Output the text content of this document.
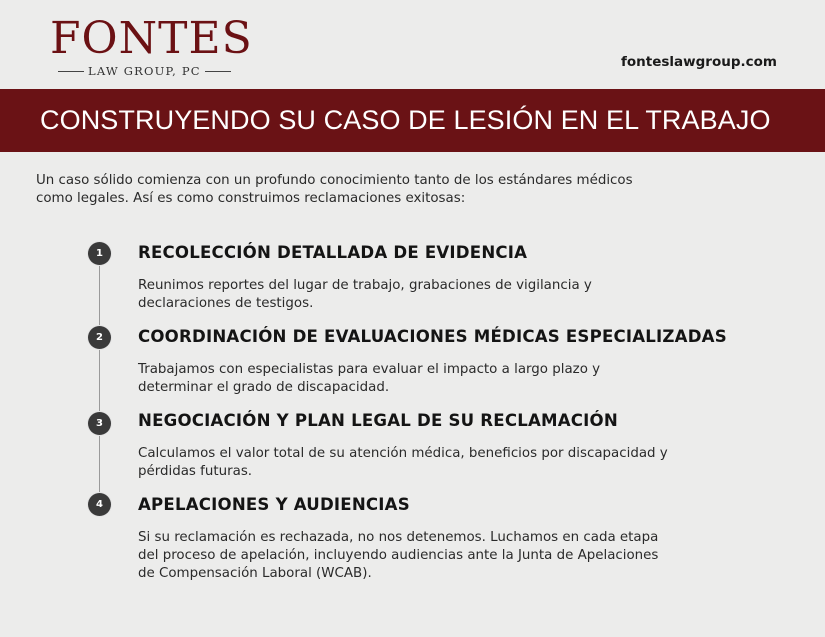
FONTES
LAW GROUP, PC
fonteslawgroup.com
CONSTRUYENDO SU CASO DE LESIÓN EN EL TRABAJO
Un caso sólido comienza con un profundo conocimiento tanto de los estándares médicos como legales. Así es como construimos reclamaciones exitosas:
1	RECOLECCIÓN DETALLADA DE EVIDENCIA
Reunimos reportes del lugar de trabajo, grabaciones de vigilancia y declaraciones de testigos.
2	COORDINACIÓN DE EVALUACIONES MÉDICAS ESPECIALIZADAS
Trabajamos con especialistas para evaluar el impacto a largo plazo y determinar el grado de discapacidad.
3	NEGOCIACIÓN Y PLAN LEGAL DE SU RECLAMACIÓN
Calculamos el valor total de su atención médica, beneficios por discapacidad y pérdidas futuras.
4	APELACIONES Y AUDIENCIAS
Si su reclamación es rechazada, no nos detenemos. Luchamos en cada etapa del proceso de apelación, incluyendo audiencias ante la Junta de Apelaciones de Compensación Laboral (WCAB).
